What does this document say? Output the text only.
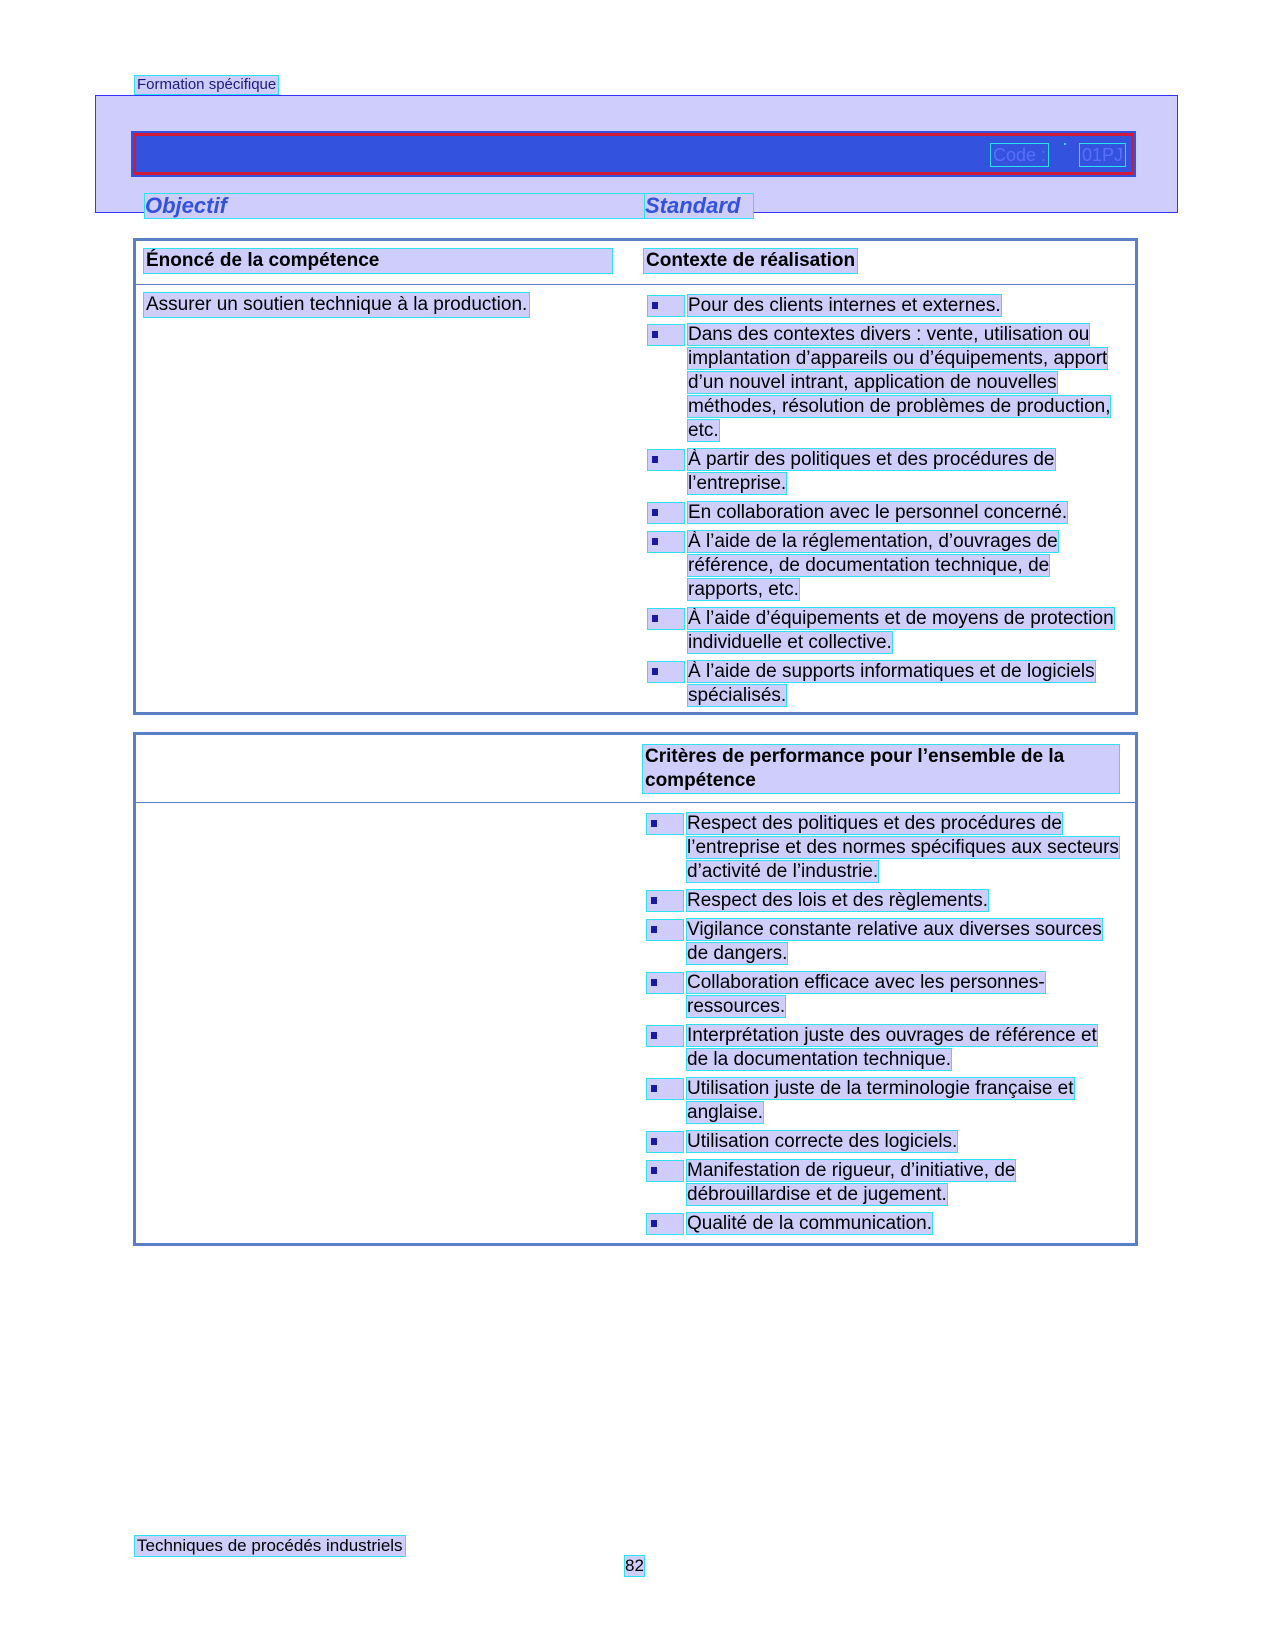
Formation spécifique
Code : 01PJ
Objectif	Standard
Énoncé de la compétence	Contexte de réalisation
Assurer un soutien technique à la production.	Pour des clients internes et externes.
Dans des contextes divers : vente, utilisation ou implantation d’appareils ou d’équipements, apport d’un nouvel intrant, application de nouvelles méthodes, résolution de problèmes de production, etc.
À partir des politiques et des procédures de l’entreprise.
En collaboration avec le personnel concerné.
À l’aide de la réglementation, d’ouvrages de référence, de documentation technique, de rapports, etc.
À l’aide d’équipements et de moyens de protection individuelle et collective.
À l’aide de supports informatiques et de logiciels spécialisés.
Critères de performance pour l’ensemble de la compétence
Respect des politiques et des procédures de l’entreprise et des normes spécifiques aux secteurs d’activité de l’industrie.
Respect des lois et des règlements.
Vigilance constante relative aux diverses sources de dangers.
Collaboration efficace avec les personnes-ressources.
Interprétation juste des ouvrages de référence et de la documentation technique.
Utilisation juste de la terminologie française et anglaise.
Utilisation correcte des logiciels.
Manifestation de rigueur, d’initiative, de débrouillardise et de jugement.
Qualité de la communication.
Techniques de procédés industriels
82
